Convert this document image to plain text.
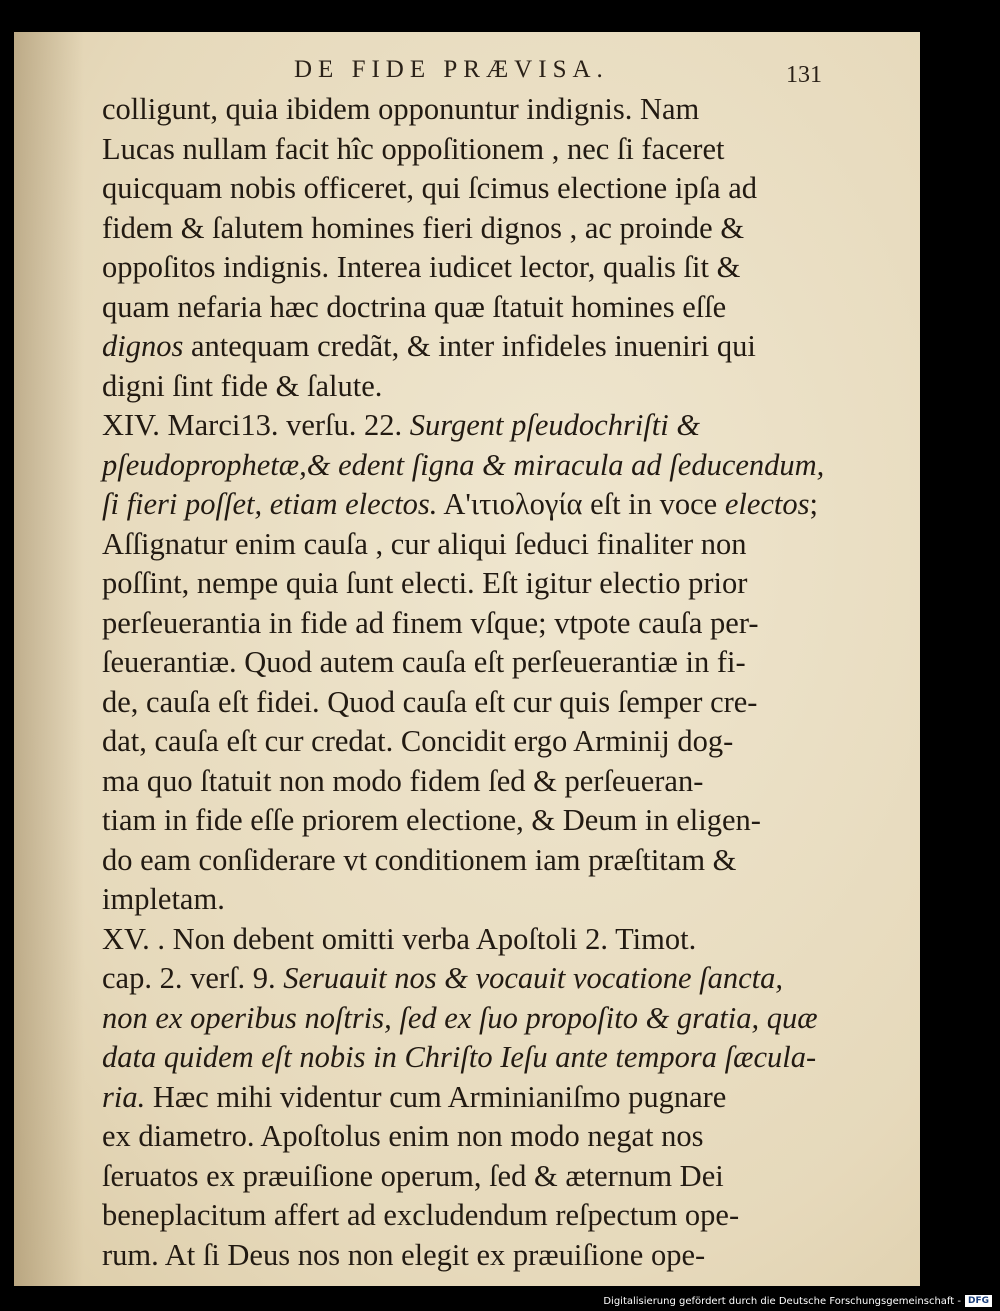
DE FIDE PRÆVISA.	131
colligunt, quia ibidem opponuntur indignis. Nam
Lucas nullam facit hîc oppoſitionem , nec ſi faceret
quicquam nobis officeret, qui ſcimus electione ipſa ad
fidem & ſalutem homines fieri dignos , ac proinde &
oppoſitos indignis. Interea iudicet lector, qualis ſit &
quam nefaria hæc doctrina quæ ſtatuit homines eſſe
dignos antequam credãt, & inter infideles inueniri qui
digni ſint fide & ſalute.
XIV. Marci13. verſu. 22. Surgent pſeudochriſti &
pſeudoprophetæ,& edent ſigna & miracula ad ſeducendum,
ſi fieri poſſet, etiam electos. A'ιτιολογία eſt in voce electos;
Aſſignatur enim cauſa , cur aliqui ſeduci finaliter non
poſſint, nempe quia ſunt electi. Eſt igitur electio prior
perſeuerantia in fide ad finem vſque; vtpote cauſa per-
ſeuerantiæ. Quod autem cauſa eſt perſeuerantiæ in fi-
de, cauſa eſt fidei. Quod cauſa eſt cur quis ſemper cre-
dat, cauſa eſt cur credat. Concidit ergo Arminij dog-
ma quo ſtatuit non modo fidem ſed & perſeueran-
tiam in fide eſſe priorem electione, & Deum in eligen-
do eam conſiderare vt conditionem iam præſtitam &
impletam.
XV. . Non debent omitti verba Apoſtoli 2. Timot.
cap. 2. verſ. 9. Seruauit nos & vocauit vocatione ſancta,
non ex operibus noſtris, ſed ex ſuo propoſito & gratia, quæ
data quidem eſt nobis in Chriſto Ieſu ante tempora ſæcula-
ria. Hæc mihi videntur cum Arminianiſmo pugnare
ex diametro. Apoſtolus enim non modo negat nos
ſeruatos ex præuiſione operum, ſed & æternum Dei
beneplacitum affert ad excludendum reſpectum ope-
rum. At ſi Deus nos non elegit ex præuiſione ope-
Digitalisierung gefördert durch die Deutsche Forschungsgemeinschaft - DFG
